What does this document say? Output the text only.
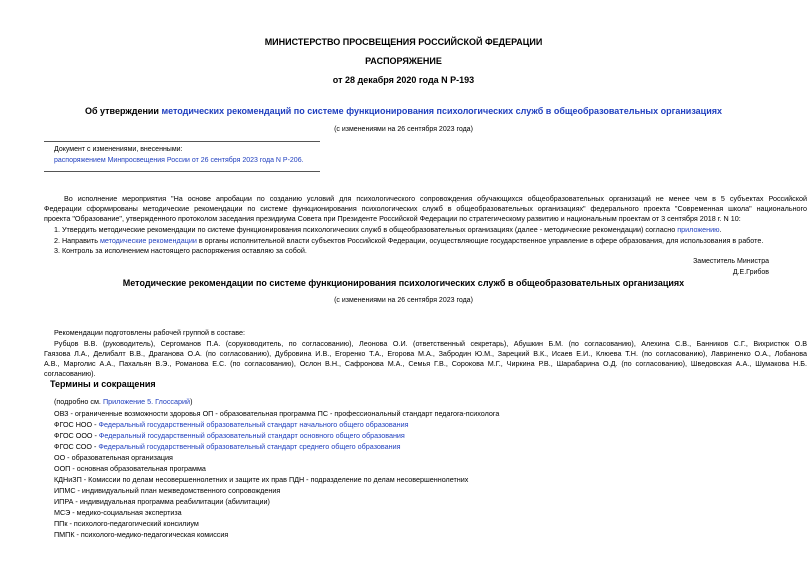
МИНИСТЕРСТВО ПРОСВЕЩЕНИЯ РОССИЙСКОЙ ФЕДЕРАЦИИ
РАСПОРЯЖЕНИЕ
от 28 декабря 2020 года N Р-193
Об утверждении методических рекомендаций по системе функционирования психологических служб в общеобразовательных организациях
(с изменениями на 26 сентября 2023 года)
Документ с изменениями, внесенными:
распоряжением Минпросвещения России от 26 сентября 2023 года N Р-206.
Во исполнение мероприятия "На основе апробации по созданию условий для психологического сопровождения обучающихся общеобразовательных организаций не менее чем в 5 субъектах Российской
Федерации сформированы методические рекомендации по системе функционирования психологических служб в общеобразовательных организациях" федерального проекта "Современная школа" национального
проекта "Образование", утвержденного протоколом заседания президиума Совета при Президенте Российской Федерации по стратегическому развитию и национальным проектам от 3 сентября 2018 г. N 10:
1. Утвердить методические рекомендации по системе функционирования психологических служб в общеобразовательных организациях (далее - методические рекомендации) согласно приложению.
2. Направить методические рекомендации в органы исполнительной власти субъектов Российской Федерации, осуществляющие государственное управление в сфере образования, для использования в работе.
3. Контроль за исполнением настоящего распоряжения оставляю за собой.
Заместитель Министра
Д.Е.Грибов
Методические рекомендации по системе функционирования психологических служб в общеобразовательных организациях
(с изменениями на 26 сентября 2023 года)
Рекомендации подготовлены рабочей группой в составе:
Рубцов В.В. (руководитель), Сергоманов П.А. (соруководитель, по согласованию), Леонова О.И. (ответственный секретарь), Абушкин Б.М. (по согласованию), Алехина С.В., Банников С.Г., Вихристюк О.В
Гаязова Л.А., Делибалт В.В., Драганова О.А. (по согласованию), Дубровина И.В., Егоренко Т.А., Егорова М.А., Забродин Ю.М., Зарецкий В.К., Исаев Е.И., Клюева Т.Н. (по согласованию), Лавриненко О.А., Лобанова
А.В., Марголис А.А., Пахальян В.Э., Романова Е.С. (по согласованию), Ослон В.Н., Сафронова М.А., Семья Г.В., Сорокова М.Г., Чиркина Р.В., Шарабарина О.Д. (по согласованию), Шведовская А.А., Шумакова Н.Б.
согласованию).
Термины и сокращения
(подробно см. Приложение 5. Глоссарий)
ОВЗ - ограниченные возможности здоровья ОП - образовательная программа ПС - профессиональный стандарт педагога-психолога
ФГОС НОО - Федеральный государственный образовательный стандарт начального общего образования
ФГОС ООО - Федеральный государственный образовательный стандарт основного общего образования
ФГОС СОО - Федеральный государственный образовательный стандарт среднего общего образования
ОО - образовательная организация
ООП - основная образовательная программа
КДНиЗП - Комиссии по делам несовершеннолетних и защите их прав ПДН - подразделение по делам несовершеннолетних
ИПМС - индивидуальный план межведомственного сопровождения
ИПРА - индивидуальная программа реабилитации (абилитации)
МСЭ - медико-социальная экспертиза
ППк - психолого-педагогический консилиум
ПМПК - психолого-медико-педагогическая комиссия
